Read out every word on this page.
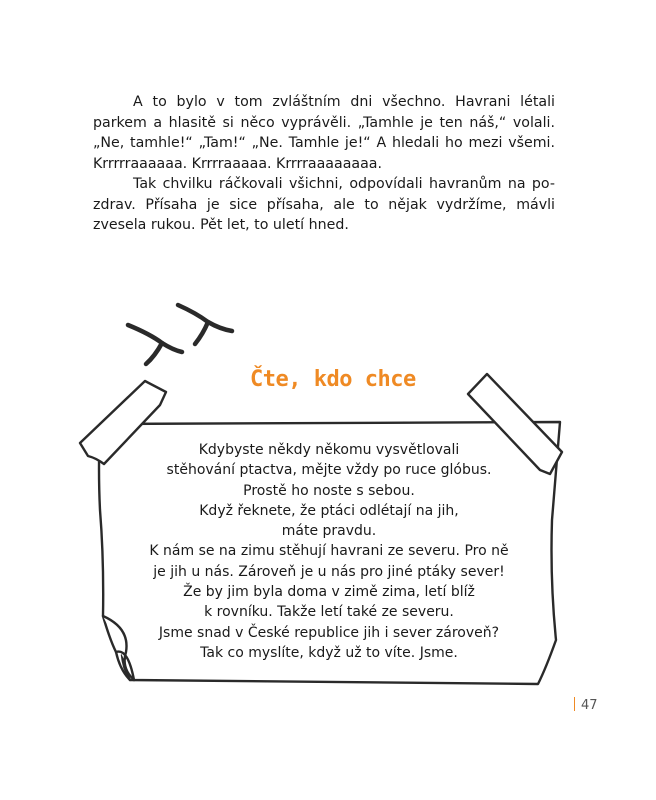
A to bylo v tom zvláštním dni všechno. Havrani létali parkem a hlasitě si něco vyprávěli. „Tamhle je ten náš,“ volali. „Ne, tamhle!“ „Tam!“ „Ne. Tamhle je!“ A hledali ho mezi všemi. Krrrrraaaaaa. Krrrraaaaa. Krrrraaaaaaaa.

Tak chvilku ráčkovali všichni, odpovídali havranům na po- zdrav. Přísaha je sice přísaha, ale to nějak vydržíme, mávli zvesela rukou. Pět let, to uletí hned.

Čte, kdo chce
Kdybyste někdy někomu vysvětlovali
stěhování ptactva, mějte vždy po ruce glóbus.
Prostě ho noste s sebou.
Když řeknete, že ptáci odlétají na jih,
máte pravdu.
K nám se na zimu stěhují havrani ze severu. Pro ně
je jih u nás. Zároveň je u nás pro jiné ptáky sever!
Že by jim byla doma v zimě zima, letí blíž
k rovníku. Takže letí také ze severu.
Jsme snad v České republice jih i sever zároveň?
Tak co myslíte, když už to víte. Jsme.
47
